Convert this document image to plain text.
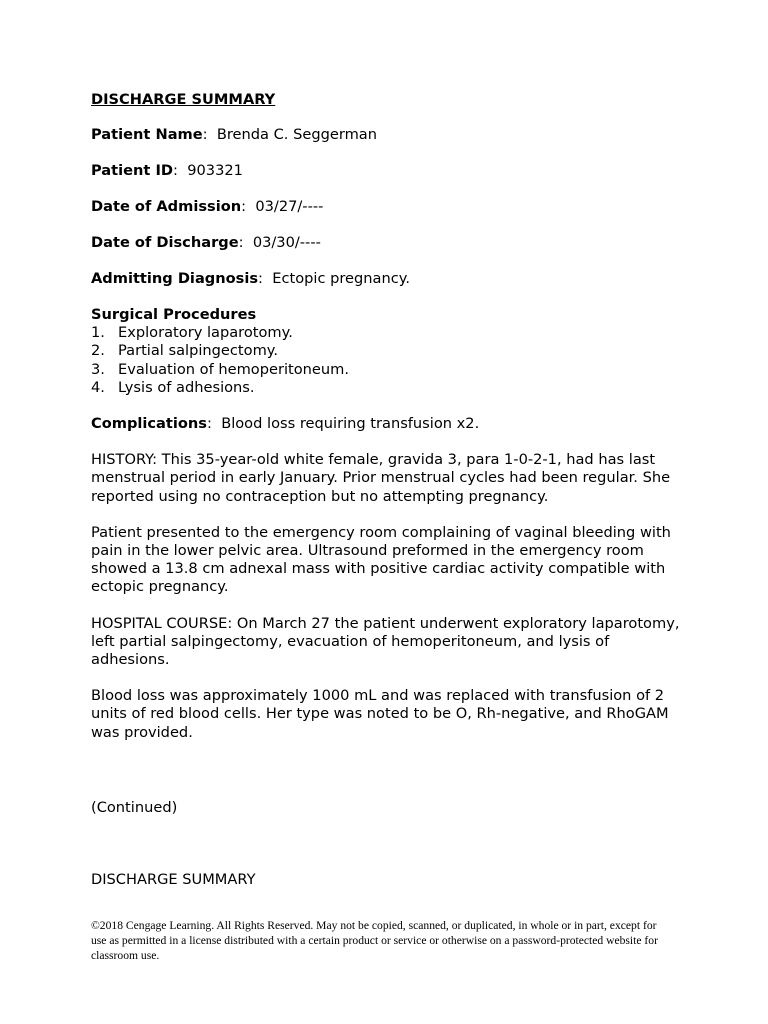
DISCHARGE SUMMARY
Patient Name:  Brenda C. Seggerman
Patient ID:  903321
Date of Admission:  03/27/----
Date of Discharge:  03/30/----
Admitting Diagnosis:  Ectopic pregnancy.
Surgical Procedures
1. Exploratory laparotomy.
2. Partial salpingectomy.
3. Evaluation of hemoperitoneum.
4. Lysis of adhesions.
Complications:  Blood loss requiring transfusion x2.

HISTORY: This 35-year-old white female, gravida 3, para 1-0-2-1, had has last menstrual period in early January. Prior menstrual cycles had been regular. She reported using no contraception but no attempting pregnancy.

Patient presented to the emergency room complaining of vaginal bleeding with pain in the lower pelvic area. Ultrasound preformed in the emergency room showed a 13.8 cm adnexal mass with positive cardiac activity compatible with ectopic pregnancy.

HOSPITAL COURSE: On March 27 the patient underwent exploratory laparotomy, left partial salpingectomy, evacuation of hemoperitoneum, and lysis of adhesions.

Blood loss was approximately 1000 mL and was replaced with transfusion of 2 units of red blood cells. Her type was noted to be O, Rh-negative, and RhoGAM was provided.

(Continued)
DISCHARGE SUMMARY
©2018 Cengage Learning. All Rights Reserved. May not be copied, scanned, or duplicated, in whole or in part, except for use as permitted in a license distributed with a certain product or service or otherwise on a password-protected website for classroom use.
